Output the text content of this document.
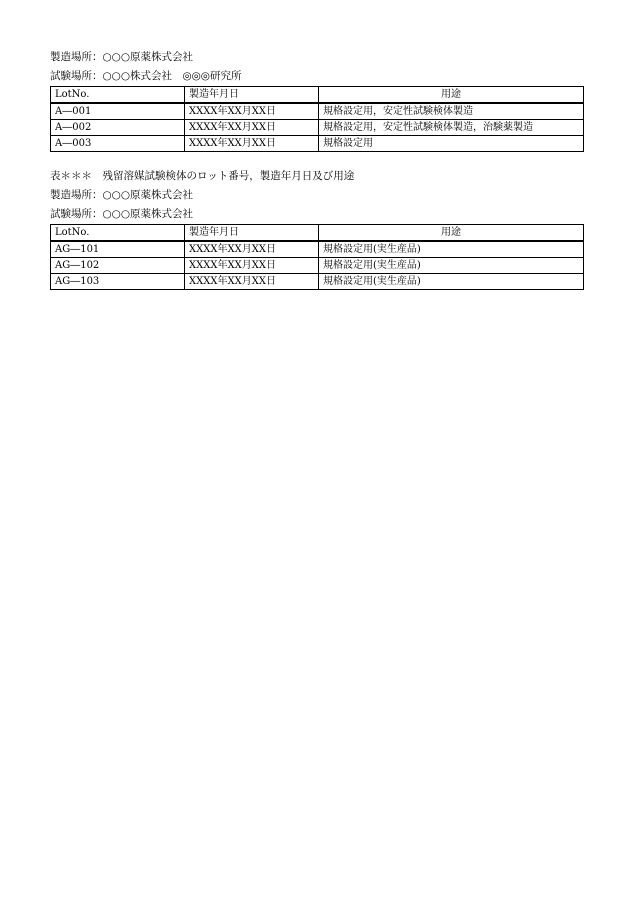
製造場所：○○○原薬株式会社
試験場所：○○○株式会社　◎◎◎研究所
LotNo.	製造年月日	用途
A―001	XXXX年XX月XX日	規格設定用，安定性試験検体製造
A―002	XXXX年XX月XX日	規格設定用，安定性試験検体製造，治験薬製造
A―003	XXXX年XX月XX日	規格設定用
表＊＊＊　残留溶媒試験検体のロット番号，製造年月日及び用途
製造場所：○○○原薬株式会社
試験場所：○○○原薬株式会社
LotNo.	製造年月日	用途
AG―101	XXXX年XX月XX日	規格設定用(実生産品)
AG―102	XXXX年XX月XX日	規格設定用(実生産品)
AG―103	XXXX年XX月XX日	規格設定用(実生産品)
